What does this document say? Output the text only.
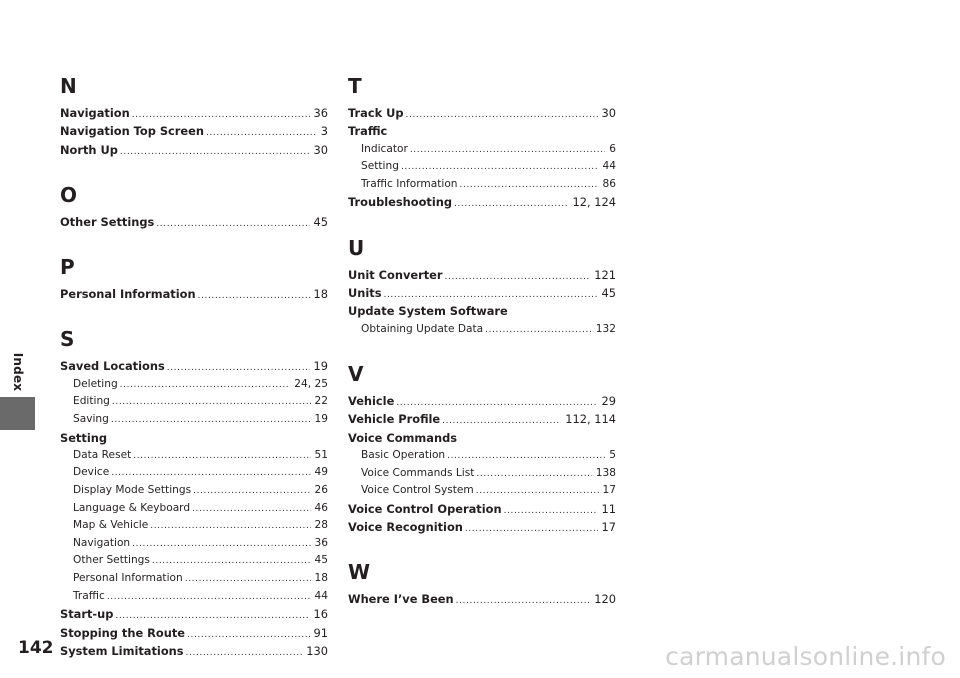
Index
N
Navigation .....	36
Navigation Top Screen .....	3
North Up .....	30
O
Other Settings .....	45
P
Personal Information .....	18
S
Saved Locations .....	19
Deleting .....	24, 25
Editing .....	22
Saving .....	19
Setting
Data Reset .....	51
Device .....	49
Display Mode Settings .....	26
Language & Keyboard .....	46
Map & Vehicle .....	28
Navigation .....	36
Other Settings .....	45
Personal Information .....	18
Traffic .....	44
Start-up .....	16
Stopping the Route .....	91
System Limitations .....	130
T
Track Up .....	30
Traffic
Indicator .....	6
Setting .....	44
Traffic Information .....	86
Troubleshooting .....	12, 124
U
Unit Converter .....	121
Units .....	45
Update System Software
Obtaining Update Data .....	132
V
Vehicle .....	29
Vehicle Profile .....	112, 114
Voice Commands
Basic Operation .....	5
Voice Commands List .....	138
Voice Control System .....	17
Voice Control Operation .....	11
Voice Recognition .....	17
W
Where I’ve Been .....	120
142	carmanualsonline.info
